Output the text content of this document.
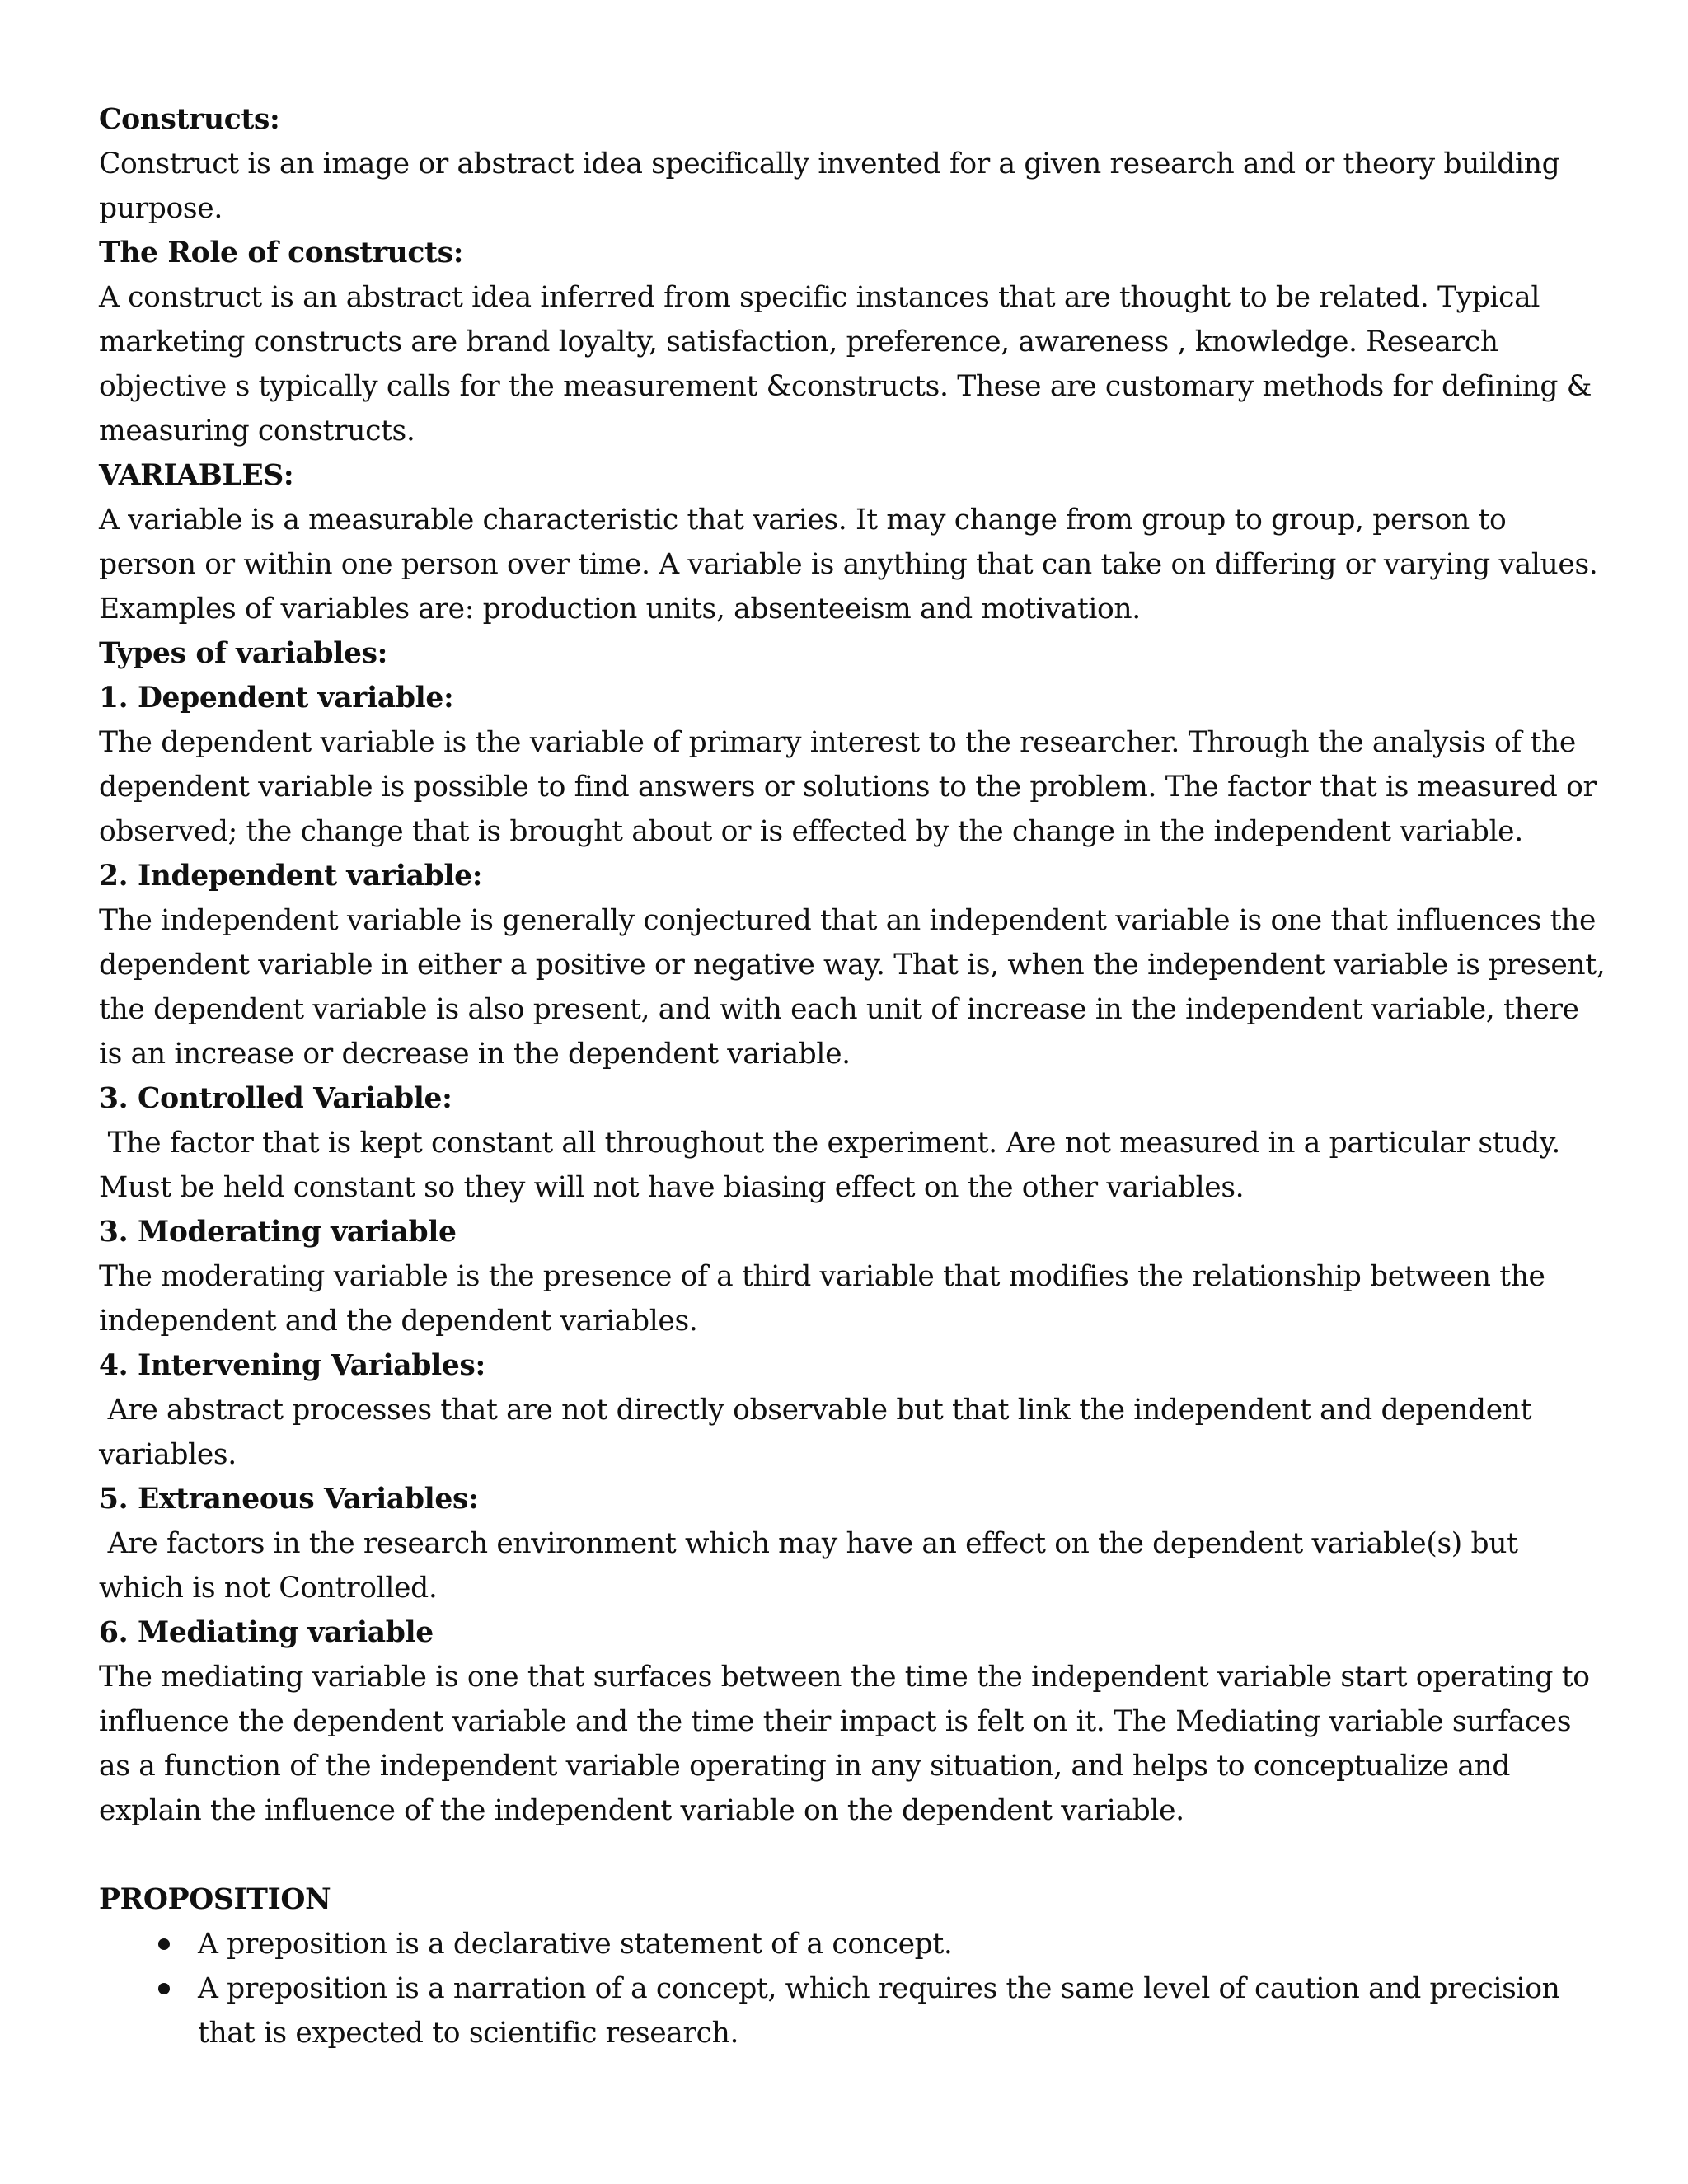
Constructs:

Construct is an image or abstract idea specifically invented for a given research and or theory building purpose.

The Role of constructs:

A construct is an abstract idea inferred from specific instances that are thought to be related. Typical marketing constructs are brand loyalty, satisfaction, preference, awareness , knowledge. Research objective s typically calls for the measurement &constructs. These are customary methods for defining & measuring constructs.

VARIABLES:

A variable is a measurable characteristic that varies. It may change from group to group, person to person or within one person over time. A variable is anything that can take on differing or varying values. Examples of variables are: production units, absenteeism and motivation.

Types of variables:

1. Dependent variable:

The dependent variable is the variable of primary interest to the researcher. Through the analysis of the dependent variable is possible to find answers or solutions to the problem. The factor that is measured or observed; the change that is brought about or is effected by the change in the independent variable.

2. Independent variable:

The independent variable is generally conjectured that an independent variable is one that influences the dependent variable in either a positive or negative way. That is, when the independent variable is present, the dependent variable is also present, and with each unit of increase in the independent variable, there is an increase or decrease in the dependent variable.

3. Controlled Variable:

The factor that is kept constant all throughout the experiment. Are not measured in a particular study. Must be held constant so they will not have biasing effect on the other variables.

3. Moderating variable

The moderating variable is the presence of a third variable that modifies the relationship between the independent and the dependent variables.

4. Intervening Variables:

Are abstract processes that are not directly observable but that link the independent and dependent variables.

5. Extraneous Variables:

Are factors in the research environment which may have an effect on the dependent variable(s) but which is not Controlled.

6. Mediating variable

The mediating variable is one that surfaces between the time the independent variable start operating to influence the dependent variable and the time their impact is felt on it. The Mediating variable surfaces as a function of the independent variable operating in any situation, and helps to conceptualize and explain the influence of the independent variable on the dependent variable.

PROPOSITION

A preposition is a declarative statement of a concept.
A preposition is a narration of a concept, which requires the same level of caution and precision that is expected to scientific research.
